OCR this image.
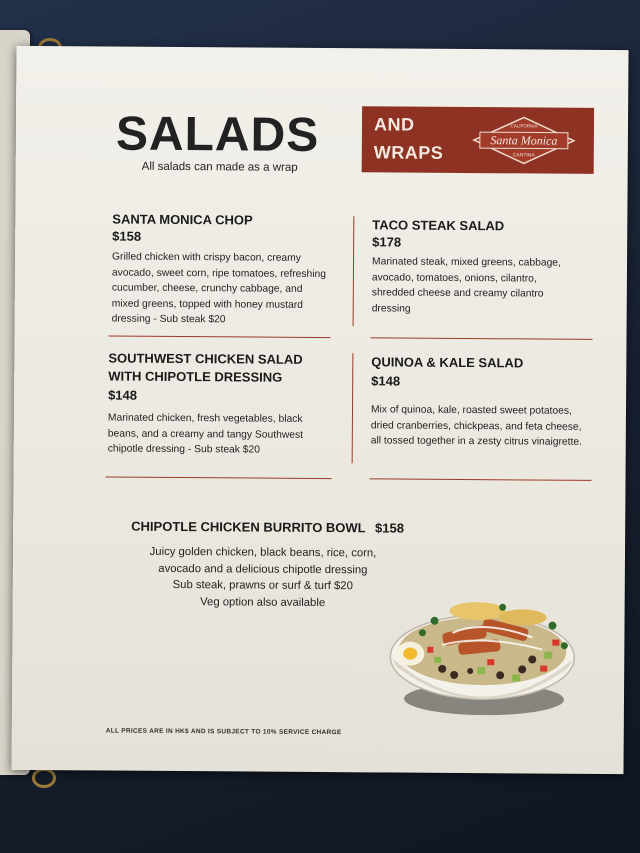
SALADS
All salads can made as a wrap
AND
WRAPS
CALIFORNIA
Santa Monica
CANTINA
SANTA MONICA CHOP
$158
Grilled chicken with crispy bacon, creamy avocado, sweet corn, ripe tomatoes, refreshing cucumber, cheese, crunchy cabbage, and mixed greens, topped with honey mustard dressing - Sub steak $20
TACO STEAK SALAD
$178
Marinated steak, mixed greens, cabbage, avocado, tomatoes, onions, cilantro, shredded cheese and creamy cilantro dressing
SOUTHWEST CHICKEN SALAD WITH CHIPOTLE DRESSING
$148
Marinated chicken, fresh vegetables, black beans, and a creamy and tangy Southwest chipotle dressing - Sub steak $20
QUINOA & KALE SALAD
$148
Mix of quinoa, kale, roasted sweet potatoes, dried cranberries, chickpeas, and feta cheese, all tossed together in a zesty citrus vinaigrette.
CHIPOTLE CHICKEN BURRITO BOWL $158
Juicy golden chicken, black beans, rice, corn,
avocado and a delicious chipotle dressing
Sub steak, prawns or surf & turf $20
Veg option also available
ALL PRICES ARE IN HK$ AND IS SUBJECT TO 10% SERVICE CHARGE
